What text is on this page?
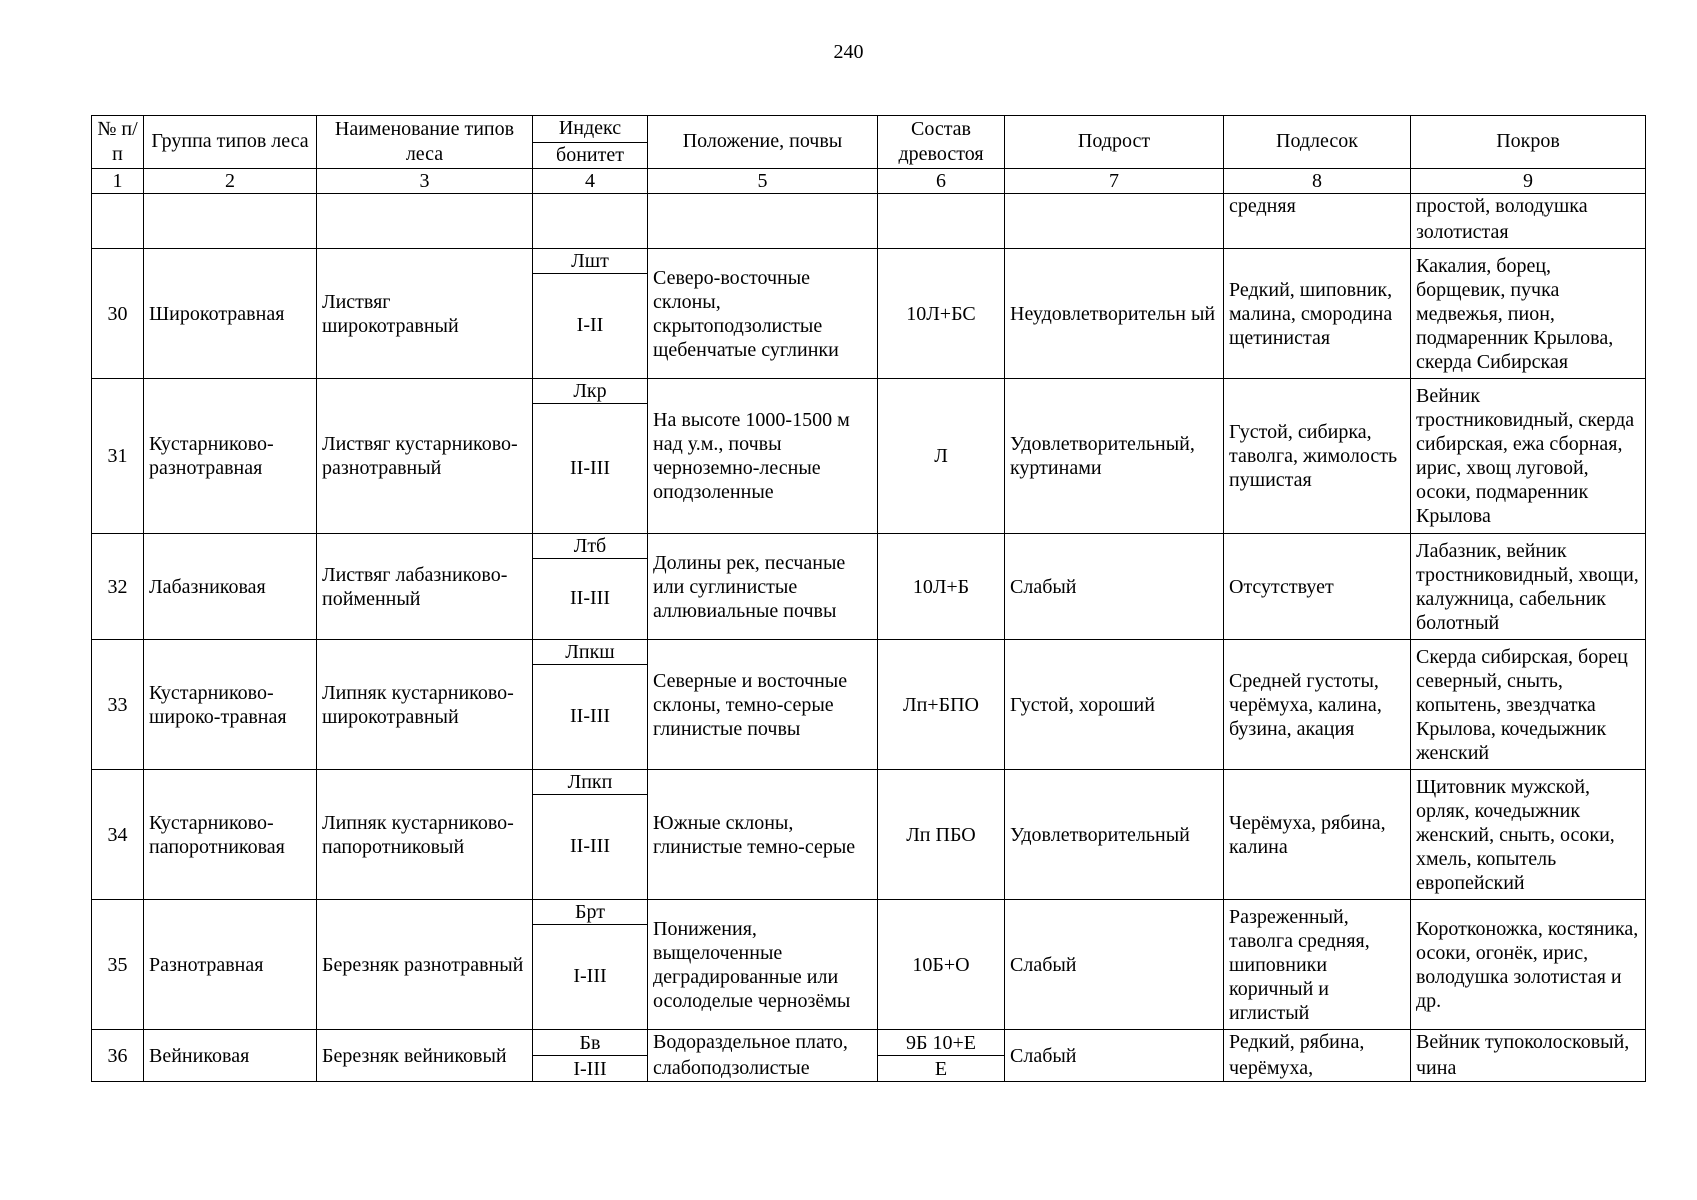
240
№ п/п	Группа типов леса	Наименование типов леса	Индекс	Положение, почвы	Состав древостоя	Подрост	Подлесок	Покров
			бонитет					
1	2	3	4	5	6	7	8	9
							средняя	простой, володушка золотистая
30	Широкотравная	Листвяг широкотравный	Лшт	Северо-восточные склоны, скрытоподзолистые щебенчатые суглинки	10Л+БС	Неудовлетворительн ый	Редкий, шиповник, малина, смородина щетинистая	Какалия, борец, борщевик, пучка медвежья, пион, подмаренник Крылова, скерда Сибирская
			I-II					
31	Кустарниково-разнотравная	Листвяг кустарниково-разнотравный	Лкр	На высоте 1000-1500 м над у.м., почвы черноземно-лесные оподзоленные	Л	Удовлетворительный, куртинами	Густой, сибирка, таволга, жимолость пушистая	Вейник тростниковидный, скерда сибирская, ежа сборная, ирис, хвощ луговой, осоки, подмаренник Крылова
			II-III					
32	Лабазниковая	Листвяг лабазниково-пойменный	Лтб	Долины рек, песчаные или суглинистые аллювиальные почвы	10Л+Б	Слабый	Отсутствует	Лабазник, вейник тростниковидный, хвощи, калужница, сабельник болотный
			II-III					
33	Кустарниково-широко-травная	Липняк кустарниково-широкотравный	Лпкш	Северные и восточные склоны, темно-серые глинистые почвы	Лп+БПО	Густой, хороший	Средней густоты, черёмуха, калина, бузина, акация	Скерда сибирская, борец северный, сныть, копытень, звездчатка Крылова, кочедыжник женский
			II-III					
34	Кустарниково-папоротниковая	Липняк кустарниково-папоротниковый	Лпкп	Южные склоны, глинистые темно-серые	Лп ПБО	Удовлетворительный	Черёмуха, рябина, калина	Щитовник мужской, орляк, кочедыжник женский, сныть, осоки, хмель, копытель европейский
			II-III					
35	Разнотравная	Березняк разнотравный	Брт	Понижения, выщелоченные деградированные или осолоделые чернозёмы	10Б+О	Слабый	Разреженный, таволга средняя, шиповники коричный и иглистый	Коротконожка, костяника, осоки, огонёк, ирис, володушка золотистая и др.
			I-III					
36	Вейниковая	Березняк вейниковый	Бв	Водораздельное плато, слабоподзолистые	9Б 10+Е	Слабый	Редкий, рябина, черёмуха,	Вейник тупоколосковый, чина
			I-III		Е			
